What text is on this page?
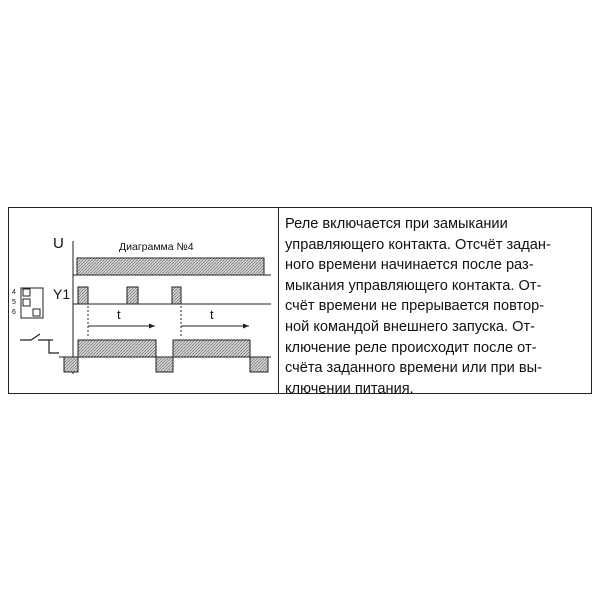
U	Диаграмма №4
Y1
4
5
6	t	t
Реле включается при замыкании
управляющего контакта. Отсчёт задан-
ного времени начинается после раз-
мыкания управляющего контакта. От-
счёт времени не прерывается повтор-
ной командой внешнего запуска. От-
ключение реле происходит после от-
счёта заданного времени или при вы-
ключении питания.
